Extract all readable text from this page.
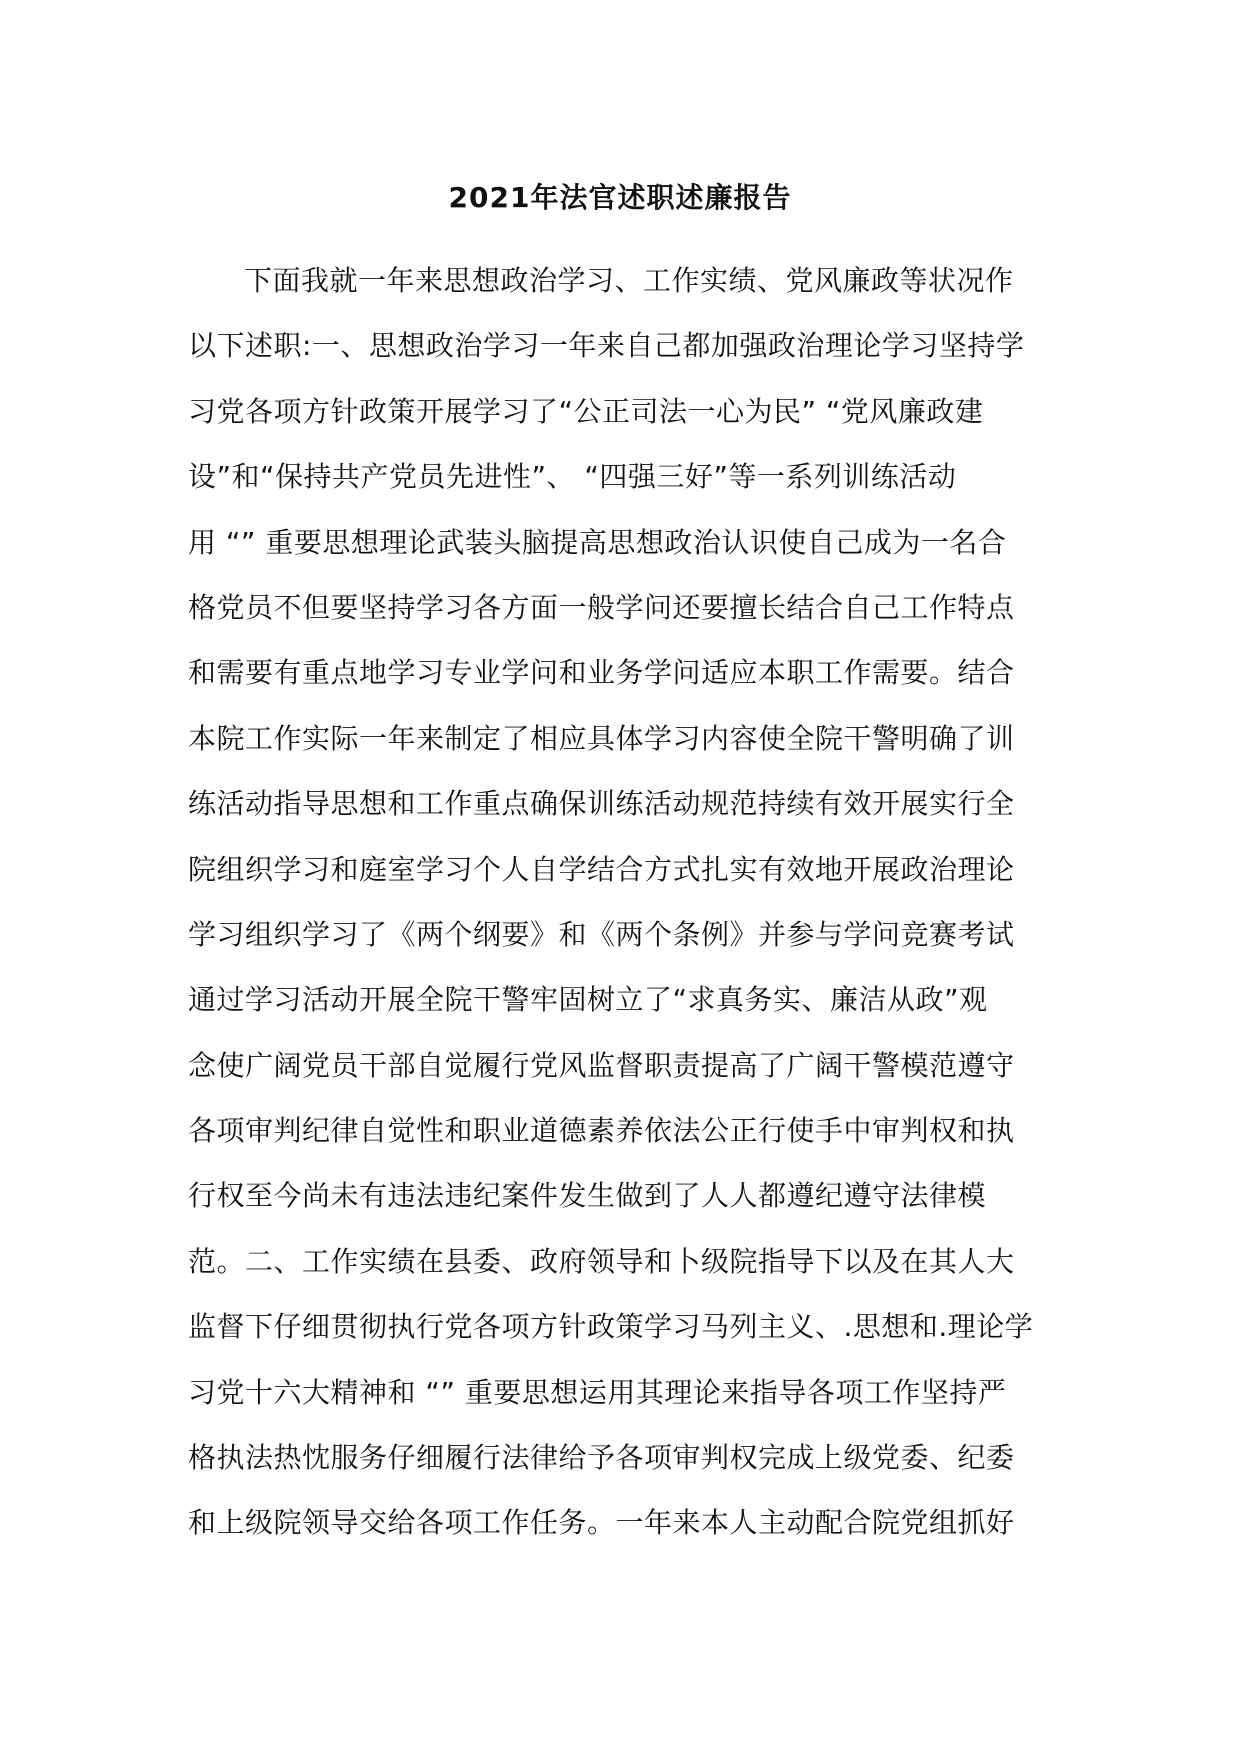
2021年法官述职述廉报告
下面我就一年来思想政治学习、工作实绩、党风廉政等状况作
以下述职:一、思想政治学习一年来自己都加强政治理论学习坚持学
习党各项方针政策开展学习了“公正司法一心为民” “党风廉政建
设”和“保持共产党员先进性”、 “四强三好”等一系列训练活动
用 “” 重要思想理论武装头脑提高思想政治认识使自己成为一名合
格党员不但要坚持学习各方面一般学问还要擅长结合自己工作特点
和需要有重点地学习专业学问和业务学问适应本职工作需要。结合
本院工作实际一年来制定了相应具体学习内容使全院干警明确了训
练活动指导思想和工作重点确保训练活动规范持续有效开展实行全
院组织学习和庭室学习个人自学结合方式扎实有效地开展政治理论
学习组织学习了《两个纲要》和《两个条例》并参与学问竞赛考试
通过学习活动开展全院干警牢固树立了“求真务实、廉洁从政”观
念使广阔党员干部自觉履行党风监督职责提高了广阔干警模范遵守
各项审判纪律自觉性和职业道德素养依法公正行使手中审判权和执
行权至今尚未有违法违纪案件发生做到了人人都遵纪遵守法律模
范。二、工作实绩在县委、政府领导和卜级院指导下以及在其人大
监督下仔细贯彻执行党各项方针政策学习马列主义、.思想和.理论学
习党十六大精神和 “” 重要思想运用其理论来指导各项工作坚持严
格执法热忱服务仔细履行法律给予各项审判权完成上级党委、纪委
和上级院领导交给各项工作任务。一年来本人主动配合院党组抓好
